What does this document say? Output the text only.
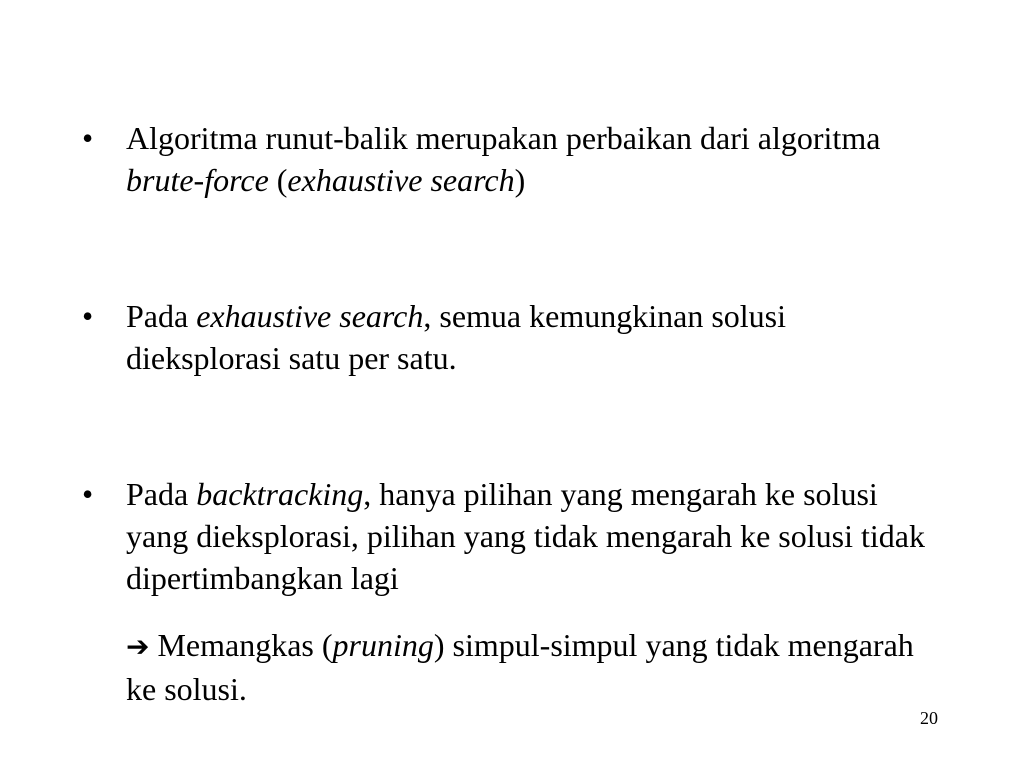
•	Algoritma runut-balik merupakan perbaikan dari algoritma brute-force (exhaustive search)
•	Pada exhaustive search, semua kemungkinan solusi dieksplorasi satu per satu.
•	Pada backtracking, hanya pilihan yang mengarah ke solusi yang dieksplorasi, pilihan yang tidak mengarah ke solusi tidak dipertimbangkan lagi
➔ Memangkas (pruning) simpul-simpul yang tidak mengarah ke solusi.
20
